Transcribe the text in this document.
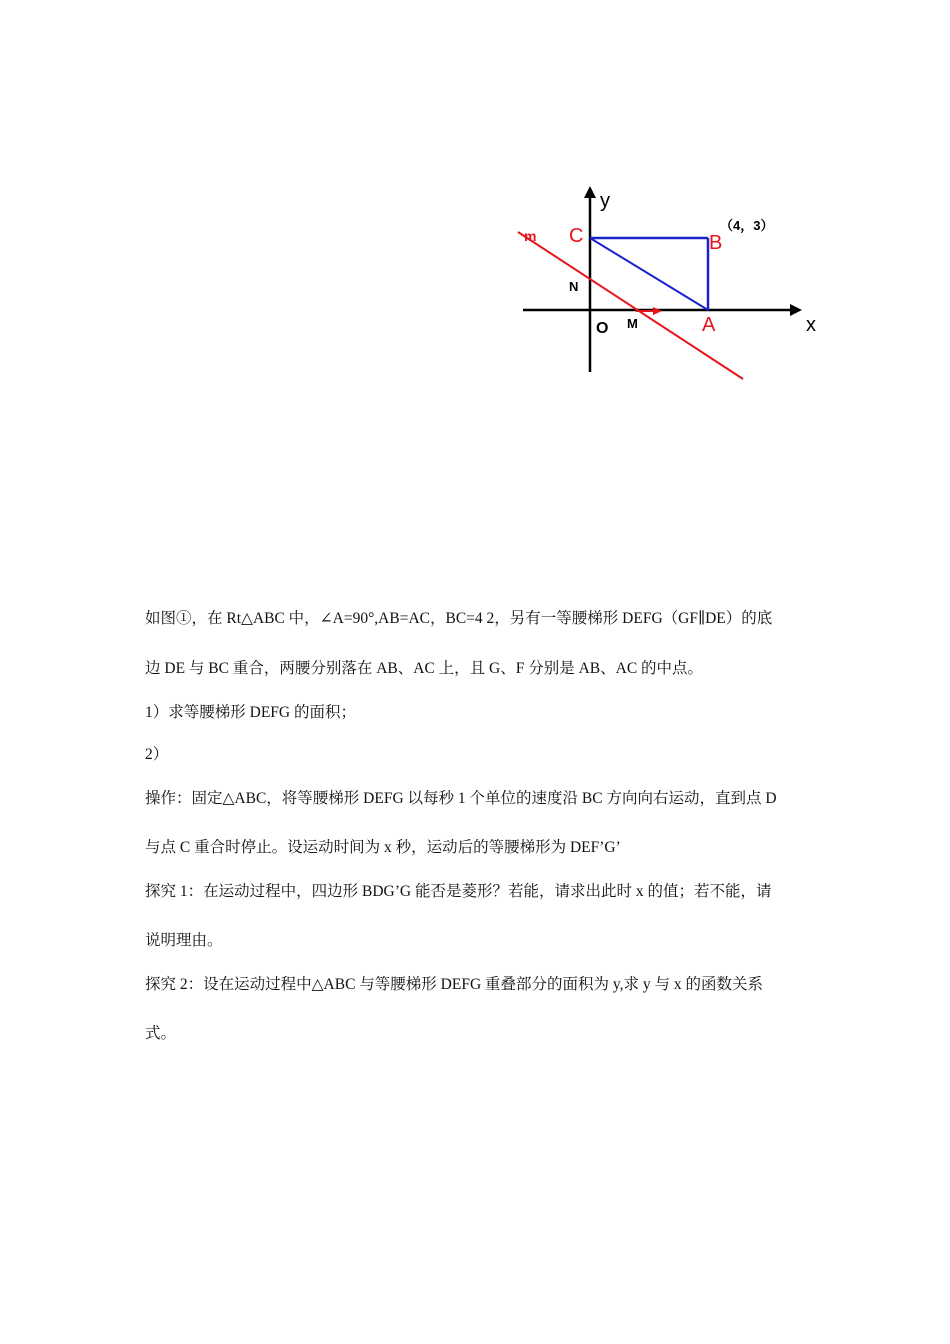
y
x
O
C	B
A
N
M
m
（4，3）
如图①，在 Rt△ABC 中，∠A=90°,AB=AC，BC=4 2，另有一等腰梯形 DEFG（GF∥DE）的底
边 DE 与 BC 重合，两腰分别落在 AB、AC 上，且 G、F 分别是 AB、AC 的中点。
1）求等腰梯形 DEFG 的面积；
2）
操作：固定△ABC，将等腰梯形 DEFG 以每秒 1 个单位的速度沿 BC 方向向右运动，直到点 D
与点 C 重合时停止。设运动时间为 x 秒，运动后的等腰梯形为 DEF’G’
探究 1：在运动过程中，四边形 BDG’G 能否是菱形？若能，请求出此时 x 的值；若不能，请
说明理由。
探究 2：设在运动过程中△ABC 与等腰梯形 DEFG 重叠部分的面积为 y,求 y 与 x 的函数关系
式。
